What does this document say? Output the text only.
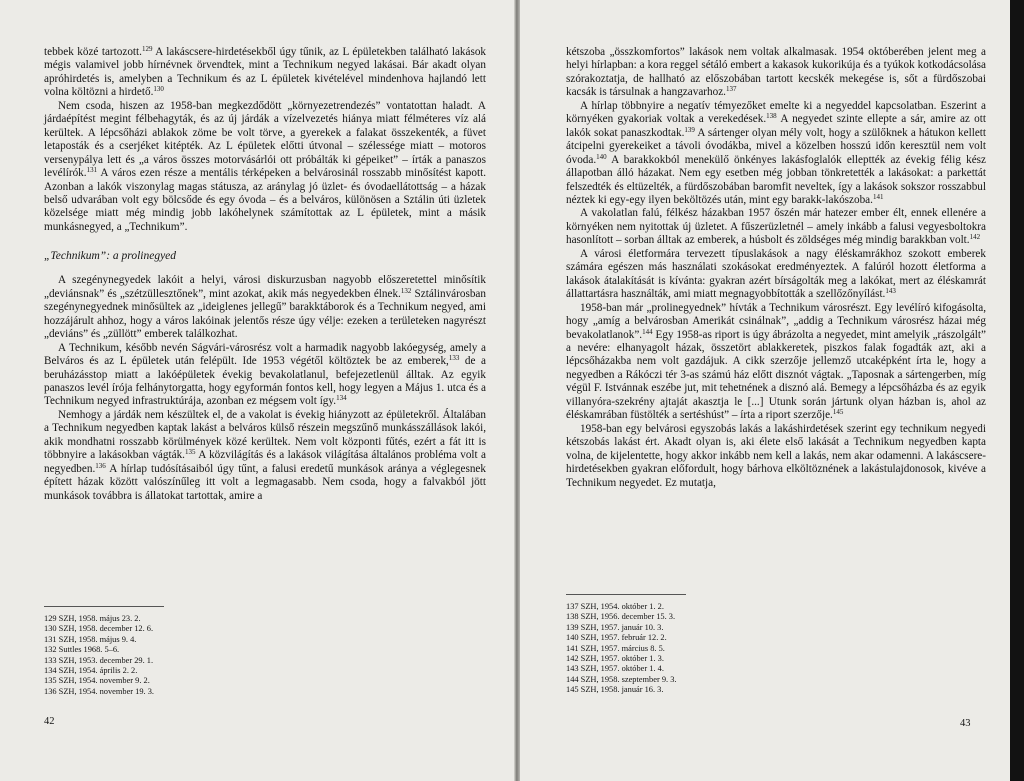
tebbek közé tartozott.$^{129}$ A lakáscsere-hirdetésekből úgy tűnik, az L épületekben található lakások mégis valamivel jobb hírnévnek örvendtek, mint a Technikum negyed lakásai. Bár akadt olyan apróhirdetés is, amelyben a Technikum és az L épületek kivételével mindenhova hajlandó lett volna költözni a hirdető.$^{130}$

Nem csoda, hiszen az 1958-ban megkezdődött „környezetrendezés” vontatottan haladt. A járdaépítést megint félbehagyták, és az új járdák a vízelvezetés hiánya miatt félméteres víz alá kerültek. A lépcsőházi ablakok zöme be volt törve, a gyerekek a falakat összekenték, a füvet letaposták és a cserjéket kitépték. Az L épületek előtti útvonal – szélessége miatt – motoros versenypálya lett és „a város összes motorvásárlói ott próbálták ki gépeiket” – írták a panaszos levélírók.$^{131}$ A város ezen része a mentális térképeken a belvárosinál rosszabb minősítést kapott. Azonban a lakók viszonylag magas státusza, az aránylag jó üzlet- és óvodaellátottság – a házak belső udvarában volt egy bölcsőde és egy óvoda – és a belváros, különösen a Sztálin úti üzletek közelsége miatt még mindig jobb lakóhelynek számítottak az L épületek, mint a másik munkásnegyed, a „Technikum”.

„Technikum”: a prolinegyed

A szegénynegyedek lakóit a helyi, városi diskurzusban nagyobb előszeretettel minősítik „deviánsnak” és „szétzüllesztőnek”, mint azokat, akik más negyedekben élnek.$^{132}$ Sztálinvárosban szegénynegyednek minősültek az „ideiglenes jellegű” barakktáborok és a Technikum negyed, ami hozzájárult ahhoz, hogy a város lakóinak jelentős része úgy vélje: ezeken a területeken nagyrészt „deviáns” és „züllött” emberek találkozhat.

A Technikum, később nevén Ságvári-városrész volt a harmadik nagyobb lakóegység, amely a Belváros és az L épületek után felépült. Ide 1953 végétől költöztek be az emberek,$^{133}$ de a beruházásstop miatt a lakóépületek évekig bevakolatlanul, befejezetlenül álltak. Az egyik panaszos levél írója felhánytorgatta, hogy egyformán fontos kell, hogy legyen a Május 1. utca és a Technikum negyed infrastruktúrája, azonban ez mégsem volt így.$^{134}$

Nemhogy a járdák nem készültek el, de a vakolat is évekig hiányzott az épületekről. Általában a Technikum negyedben kaptak lakást a belváros külső részein megszűnő munkásszállások lakói, akik mondhatni rosszabb körülmények közé kerültek. Nem volt központi fűtés, ezért a fát itt is többnyire a lakásokban vágták.$^{135}$ A közvilágítás és a lakások világítása általános probléma volt a negyedben.$^{136}$ A hírlap tudósításaiból úgy tűnt, a falusi eredetű munkások aránya a véglegesnek épített házak között valószínűleg itt volt a legmagasabb. Nem csoda, hogy a falvakból jött munkások továbbra is állatokat tartottak, amire a

129 SZH, 1958. május 23. 2.
130 SZH, 1958. december 12. 6.
131 SZH, 1958. május 9. 4.
132 Suttles 1968. 5–6.
133 SZH, 1953. december 29. 1.
134 SZH, 1954. április 2. 2.
135 SZH, 1954. november 9. 2.
136 SZH, 1954. november 19. 3.
42

kétszoba „összkomfortos” lakások nem voltak alkalmasak. 1954 októberében jelent meg a helyi hírlapban: a kora reggel sétáló embert a kakasok kukorikúja és a tyúkok kotkodácsolása szórakoztatja, de hallható az előszobában tartott kecskék mekegése is, sőt a fürdőszobai kacsák is társulnak a hangzavarhoz.$^{137}$

A hírlap többnyire a negatív témyezőket emelte ki a negyeddel kapcsolatban. Eszerint a környéken gyakoriak voltak a verekedések.$^{138}$ A negyedet szinte ellepte a sár, amire az ott lakók sokat panaszkodtak.$^{139}$ A sártenger olyan mély volt, hogy a szülőknek a hátukon kellett átcipelni gyerekeiket a távoli óvodákba, mivel a közelben hosszú időn keresztül nem volt óvoda.$^{140}$ A barakkokból menekülő önkényes lakásfoglalók elleptték az évekig félig kész állapotban álló házakat. Nem egy esetben még jobban tönkretették a lakásokat: a parkettát felszedték és eltüzelték, a fürdőszobában baromfit neveltek, így a lakások sokszor rosszabbul néztek ki egy-egy ilyen beköltözés után, mint egy barakk-lakószoba.$^{141}$

A vakolatlan falú, félkész házakban 1957 őszén már hatezer ember élt, ennek ellenére a környéken nem nyitottak új üzletet. A fűszerüzletnél – amely inkább a falusi vegyesboltokra hasonlított – sorban álltak az emberek, a húsbolt és zöldséges még mindig barakkban volt.$^{142}$

A városi életformára tervezett típuslakások a nagy éléskamrákhoz szokott emberek számára egészen más használati szokásokat eredményeztek. A falúról hozott életforma a lakások átalakítását is kívánta: gyakran azért bírságolták meg a lakókat, mert az éléskamrát állattartásra használták, ami miatt megnagyobbították a szellőzőnyílást.$^{143}$

1958-ban már „prolinegyednek” hívták a Technikum városrészt. Egy levélíró kifogásolta, hogy „amíg a belvárosban Amerikát csinálnak”, „addig a Technikum városrész házai még bevakolatlanok”.$^{144}$ Egy 1958-as riport is úgy ábrázolta a negyedet, mint amelyik „rászolgált” a nevére: elhanyagolt házak, összetört ablakkeretek, piszkos falak fogadták azt, aki a lépcsőházakba nem volt gazdájuk. A cikk szerzője jellemző utcaképként írta le, hogy a negyedben a Rákóczi tér 3-as számú ház előtt disznót vágtak. „Taposnak a sártengerben, míg végül F. Istvánnak eszébe jut, mit tehetnének a disznó alá. Bemegy a lépcsőházba és az egyik villanyóra-szekrény ajtaját akasztja le [...] Utunk során jártunk olyan házban is, ahol az éléskamrában füstölték a sertéshúst” – írta a riport szerzője.$^{145}$

1958-ban egy belvárosi egyszobás lakás a lakáshirdetések szerint egy technikum negyedi kétszobás lakást ért. Akadt olyan is, aki élete első lakását a Technikum negyedben kapta volna, de kijelentette, hogy akkor inkább nem kell a lakás, nem akar odamenni. A lakáscsere-hirdetésekben gyakran előfordult, hogy bárhova elköltöznének a lakástulajdonosok, kivéve a Technikum negyedet. Ez mutatja,

137 SZH, 1954. október 1. 2.
138 SZH, 1956. december 15. 3.
139 SZH, 1957. január 10. 3.
140 SZH, 1957. február 12. 2.
141 SZH, 1957. március 8. 5.
142 SZH, 1957. október 1. 3.
143 SZH, 1957. október 1. 4.
144 SZH, 1958. szeptember 9. 3.
145 SZH, 1958. január 16. 3.
43
